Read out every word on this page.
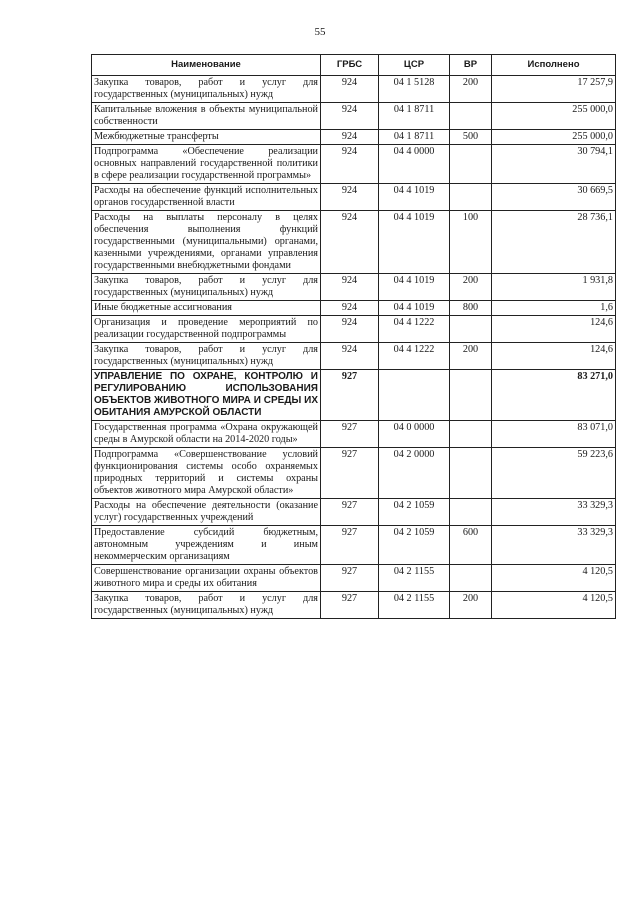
55
Наименование	ГРБС	ЦСР	ВР	Исполнено
Закупка товаров, работ и услуг для государственных (муниципальных) нужд	924	04 1 5128	200	17 257,9
Капитальные вложения в объекты муниципальной собственности	924	04 1 8711		255 000,0
Межбюджетные трансферты	924	04 1 8711	500	255 000,0
Подпрограмма «Обеспечение реализации основных направлений государственной политики в сфере реализации государственной программы»	924	04 4 0000		30 794,1
Расходы на обеспечение функций исполнительных органов государственной власти	924	04 4 1019		30 669,5
Расходы на выплаты персоналу в целях обеспечения выполнения функций государственными (муниципальными) органами, казенными учреждениями, органами управления государственными внебюджетными фондами	924	04 4 1019	100	28 736,1
Закупка товаров, работ и услуг для государственных (муниципальных) нужд	924	04 4 1019	200	1 931,8
Иные бюджетные ассигнования	924	04 4 1019	800	1,6
Организация и проведение мероприятий по реализации государственной подпрограммы	924	04 4 1222		124,6
Закупка товаров, работ и услуг для государственных (муниципальных) нужд	924	04 4 1222	200	124,6
УПРАВЛЕНИЕ ПО ОХРАНЕ, КОНТРОЛЮ И РЕГУЛИРОВАНИЮ ИСПОЛЬЗОВАНИЯ ОБЪЕКТОВ ЖИВОТНОГО МИРА И СРЕДЫ ИХ ОБИТАНИЯ АМУРСКОЙ ОБЛАСТИ	927			83 271,0
Государственная программа «Охрана окружающей среды в Амурской области на 2014-2020 годы»	927	04 0 0000		83 071,0
Подпрограмма «Совершенствование условий функционирования системы особо охраняемых природных территорий и системы охраны объектов животного мира Амурской области»	927	04 2 0000		59 223,6
Расходы на обеспечение деятельности (оказание услуг) государственных учреждений	927	04 2 1059		33 329,3
Предоставление субсидий бюджетным, автономным учреждениям и иным некоммерческим организациям	927	04 2 1059	600	33 329,3
Совершенствование организации охраны объектов животного мира и среды их обитания	927	04 2 1155		4 120,5
Закупка товаров, работ и услуг для государственных (муниципальных) нужд	927	04 2 1155	200	4 120,5
